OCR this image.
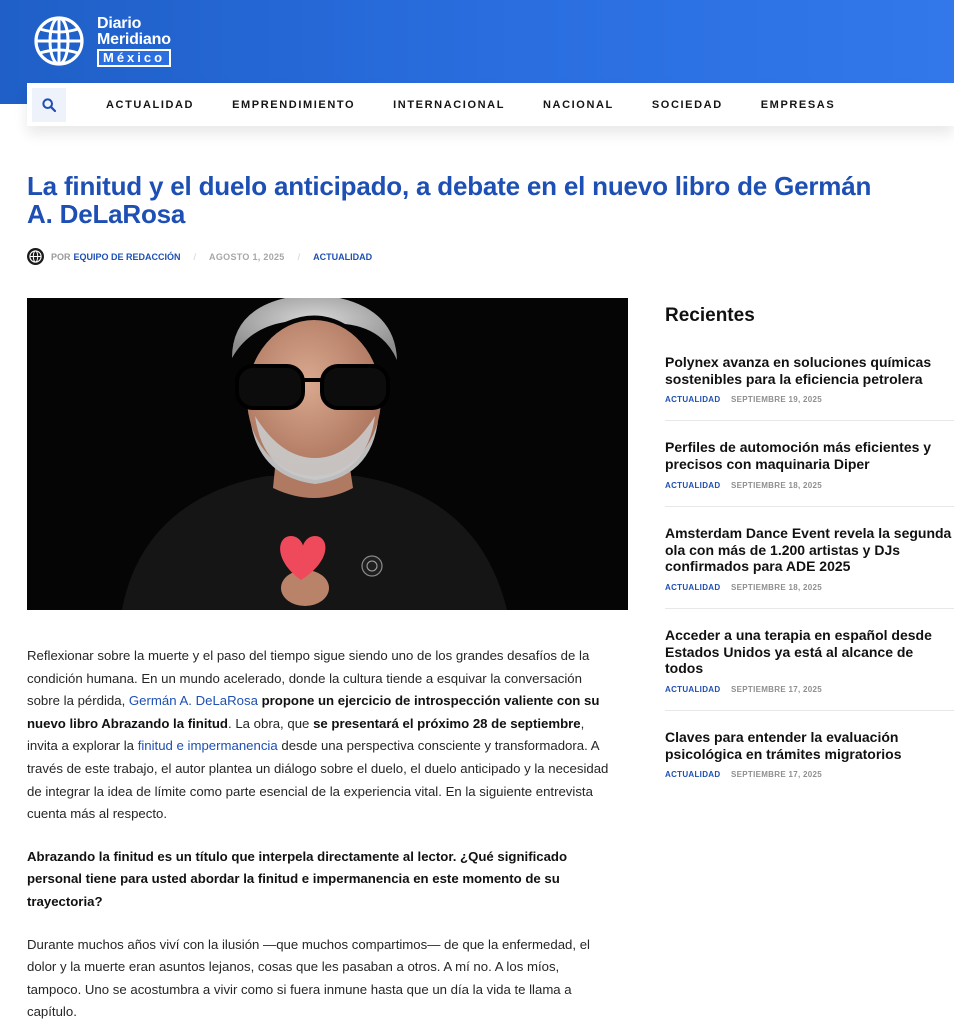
Diario
Meridiano
México
ACTUALIDAD	EMPRENDIMIENTO	INTERNACIONAL	NACIONAL	SOCIEDAD	EMPRESAS
La finitud y el duelo anticipado, a debate en el nuevo libro de Germán A. DeLaRosa
POR EQUIPO DE REDACCIÓN / AGOSTO 1, 2025 / ACTUALIDAD

Reflexionar sobre la muerte y el paso del tiempo sigue siendo uno de los grandes desafíos de la condición humana. En un mundo acelerado, donde la cultura tiende a esquivar la conversación sobre la pérdida, Germán A. DeLaRosa propone un ejercicio de introspección valiente con su nuevo libro Abrazando la finitud. La obra, que se presentará el próximo 28 de septiembre, invita a explorar la finitud e impermanencia desde una perspectiva consciente y transformadora. A través de este trabajo, el autor plantea un diálogo sobre el duelo, el duelo anticipado y la necesidad de integrar la idea de límite como parte esencial de la experiencia vital. En la siguiente entrevista cuenta más al respecto.

Abrazando la finitud es un título que interpela directamente al lector. ¿Qué significado personal tiene para usted abordar la finitud e impermanencia en este momento de su trayectoria?

Durante muchos años viví con la ilusión —que muchos compartimos— de que la enfermedad, el dolor y la muerte eran asuntos lejanos, cosas que les pasaban a otros. A mí no. A los míos, tampoco. Uno se acostumbra a vivir como si fuera inmune hasta que un día la vida te llama a capítulo.

Recientes
Polynex avanza en soluciones químicas sostenibles para la eficiencia petrolera
ACTUALIDAD SEPTIEMBRE 19, 2025
Perfiles de automoción más eficientes y precisos con maquinaria Diper
ACTUALIDAD SEPTIEMBRE 18, 2025
Amsterdam Dance Event revela la segunda ola con más de 1.200 artistas y DJs confirmados para ADE 2025
ACTUALIDAD SEPTIEMBRE 18, 2025
Acceder a una terapia en español desde Estados Unidos ya está al alcance de todos
ACTUALIDAD SEPTIEMBRE 17, 2025
Claves para entender la evaluación psicológica en trámites migratorios
ACTUALIDAD SEPTIEMBRE 17, 2025
